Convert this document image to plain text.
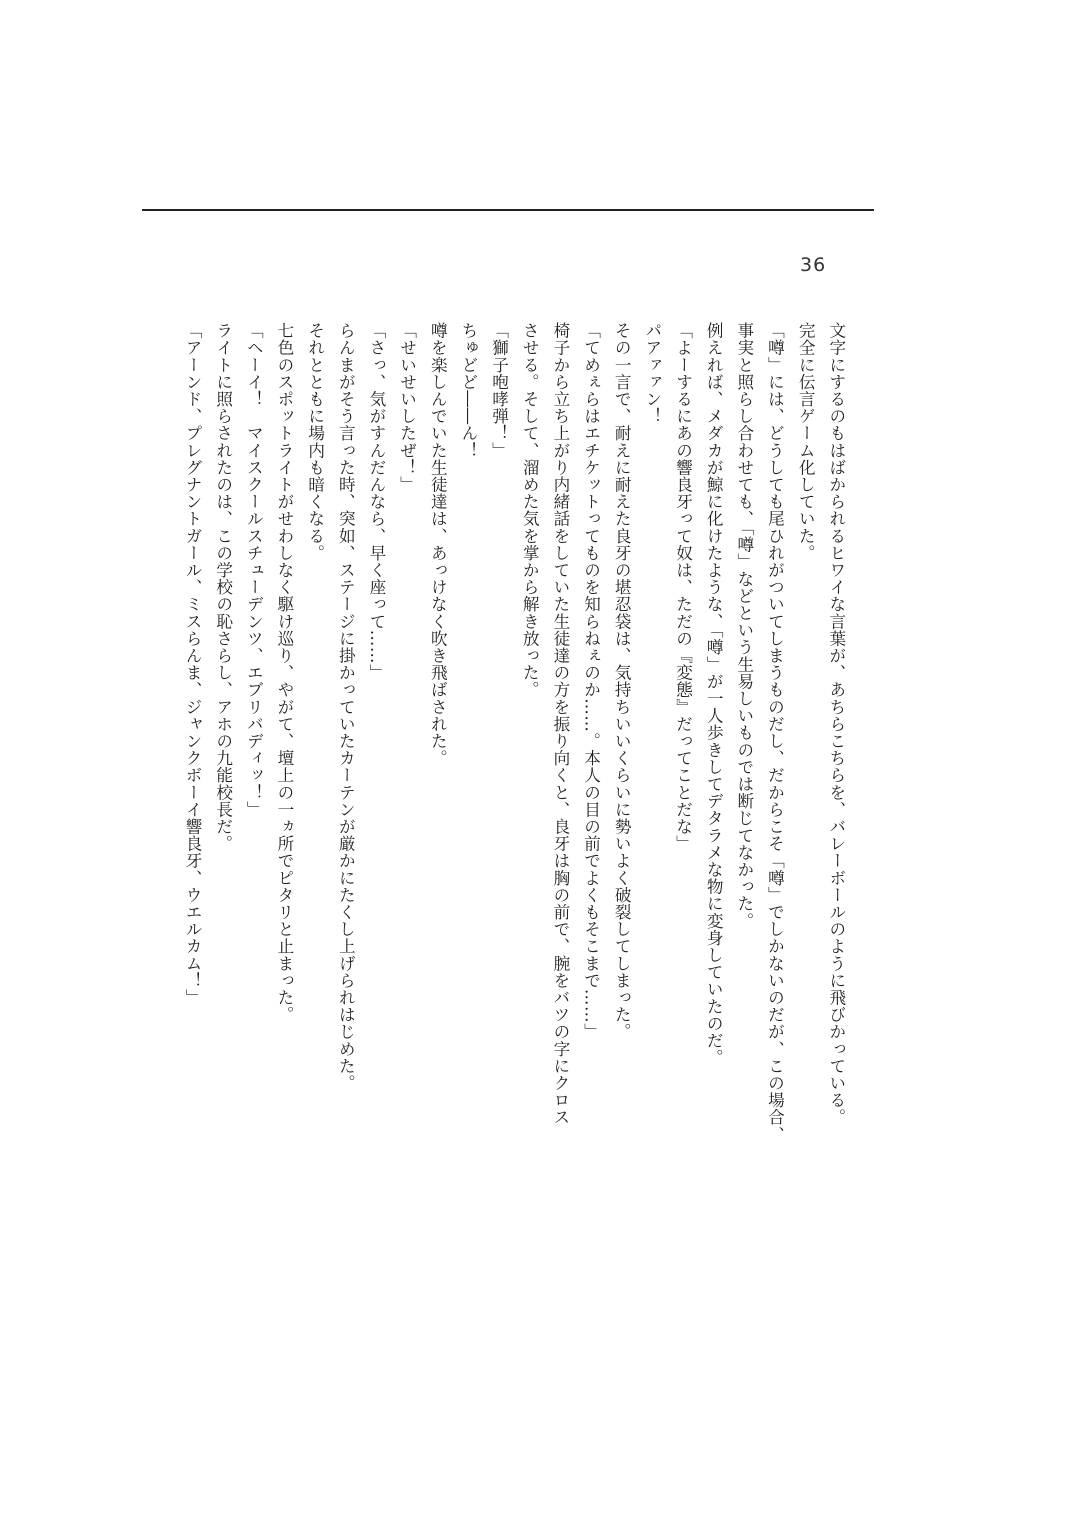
36
文字にするのもはばかられるヒワイな言葉が、あちらこちらを、バレーボールのように飛びかっている。
完全に伝言ゲーム化していた。
「噂」には、どうしても尾ひれがついてしまうものだし、だからこそ「噂」でしかないのだが、この場合、
事実と照らし合わせても、「噂」などという生易しいものでは断じてなかった。
例えれば、メダカが鯨に化けたような、「噂」が一人歩きしてデタラメな物に変身していたのだ。
「よーするにあの響良牙って奴は、ただの『変態』だってことだな」
パアァァン！
その一言で、耐えに耐えた良牙の堪忍袋は、気持ちいいくらいに勢いよく破裂してしまった。
「てめぇらはエチケットってものを知らねぇのか……。本人の目の前でよくもそこまで……」
椅子から立ち上がり内緒話をしていた生徒達の方を振り向くと、良牙は胸の前で、腕をバツの字にクロス
させる。そして、溜めた気を掌から解き放った。
「獅子咆哮弾！」
ちゅどど――ん！
噂を楽しんでいた生徒達は、あっけなく吹き飛ばされた。
「せいせいしたぜ！」
「さっ、気がすんだんなら、早く座って……」
らんまがそう言った時、突如、ステージに掛かっていたカーテンが厳かにたくし上げられはじめた。
それとともに場内も暗くなる。
七色のスポットライトがせわしなく駆け巡り、やがて、壇上の一ヵ所でピタリと止まった。
「ヘーイ！　マイスクールスチューデンツ、エブリバディッ！」
ライトに照らされたのは、この学校の恥さらし、アホの九能校長だ。
「アーンド、プレグナントガール、ミスらんま、ジャンクボーイ響良牙、ウエルカム！」
